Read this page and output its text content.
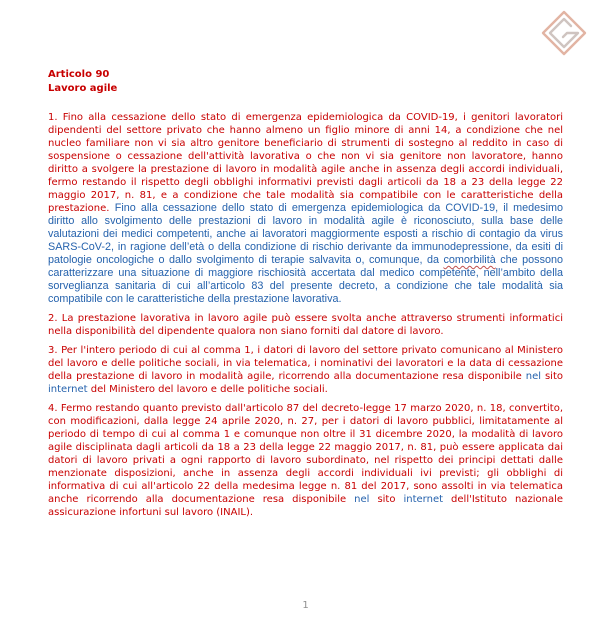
Articolo 90
Lavoro agile

1. Fino alla cessazione dello stato di emergenza epidemiologica da COVID-19, i genitori lavoratori dipendenti del settore privato che hanno almeno un figlio minore di anni 14, a condizione che nel nucleo familiare non vi sia altro genitore beneficiario di strumenti di sostegno al reddito in caso di sospensione o cessazione dell'attività lavorativa o che non vi sia genitore non lavoratore, hanno diritto a svolgere la prestazione di lavoro in modalità agile anche in assenza degli accordi individuali, fermo restando il rispetto degli obblighi informativi previsti dagli articoli da 18 a 23 della legge 22 maggio 2017, n. 81, e a condizione che tale modalità sia compatibile con le caratteristiche della prestazione. Fino alla cessazione dello stato di emergenza epidemiologica da COVID-19, il medesimo diritto allo svolgimento delle prestazioni di lavoro in modalità agile è riconosciuto, sulla base delle valutazioni dei medici competenti, anche ai lavoratori maggiormente esposti a rischio di contagio da virus SARS-CoV-2, in ragione dell’età o della condizione di rischio derivante da immunodepressione, da esiti di patologie oncologiche o dallo svolgimento di terapie salvavita o, comunque, da comorbilità che possono caratterizzare una situazione di maggiore rischiosità accertata dal medico competente, nell’ambito della sorveglianza sanitaria di cui all’articolo 83 del presente decreto, a condizione che tale modalità sia compatibile con le caratteristiche della prestazione lavorativa.

2. La prestazione lavorativa in lavoro agile può essere svolta anche attraverso strumenti informatici nella disponibilità del dipendente qualora non siano forniti dal datore di lavoro.

3. Per l'intero periodo di cui al comma 1, i datori di lavoro del settore privato comunicano al Ministero del lavoro e delle politiche sociali, in via telematica, i nominativi dei lavoratori e la data di cessazione della prestazione di lavoro in modalità agile, ricorrendo alla documentazione resa disponibile nel sito internet del Ministero del lavoro e delle politiche sociali.

4. Fermo restando quanto previsto dall'articolo 87 del decreto-legge 17 marzo 2020, n. 18, convertito, con modificazioni, dalla legge 24 aprile 2020, n. 27, per i datori di lavoro pubblici, limitatamente al periodo di tempo di cui al comma 1 e comunque non oltre il 31 dicembre 2020, la modalità di lavoro agile disciplinata dagli articoli da 18 a 23 della legge 22 maggio 2017, n. 81, può essere applicata dai datori di lavoro privati a ogni rapporto di lavoro subordinato, nel rispetto dei principi dettati dalle menzionate disposizioni, anche in assenza degli accordi individuali ivi previsti; gli obblighi di informativa di cui all'articolo 22 della medesima legge n. 81 del 2017, sono assolti in via telematica anche ricorrendo alla documentazione resa disponibile nel sito internet dell'Istituto nazionale assicurazione infortuni sul lavoro (INAIL).

1
